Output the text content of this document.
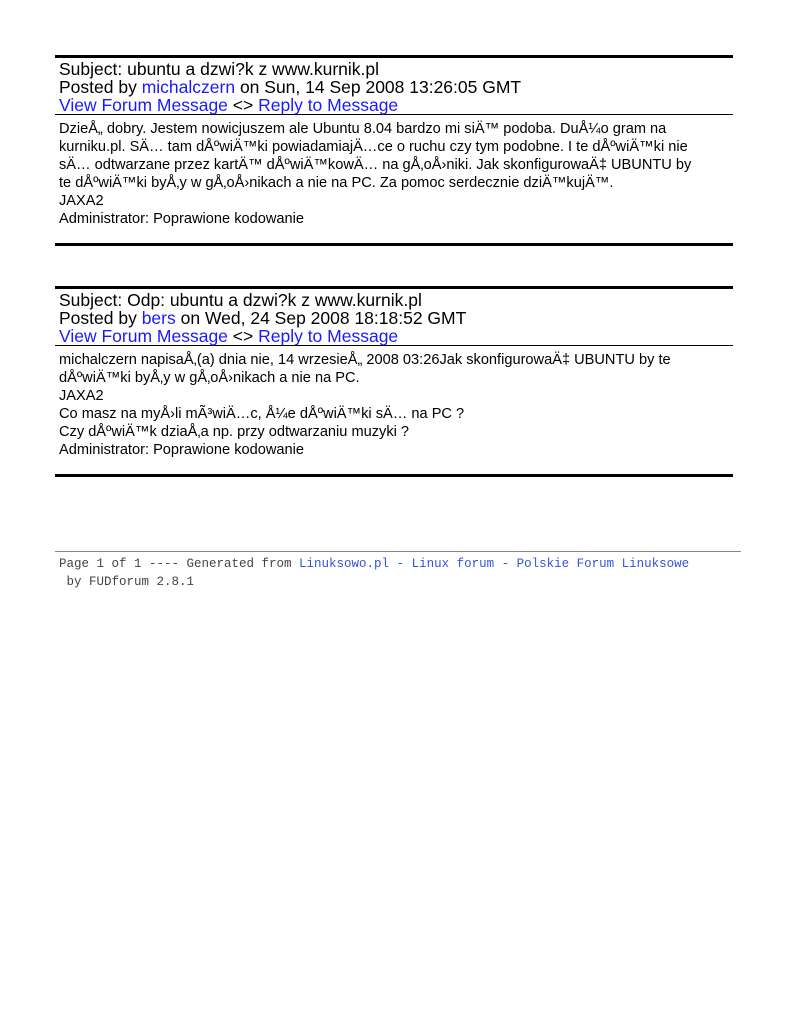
Subject: ubuntu a dzwi?k z www.kurnik.pl
Posted by michalczern on Sun, 14 Sep 2008 13:26:05 GMT
View Forum Message <> Reply to Message
DzieÅ„ dobry. Jestem nowicjuszem ale Ubuntu 8.04 bardzo mi siÄ™ podoba. DuÅ¼o gram na
kurniku.pl. SÄ… tam dÅºwiÄ™ki powiadamiajÄ…ce o ruchu czy tym podobne. I te dÅºwiÄ™ki nie
sÄ… odtwarzane przez kartÄ™ dÅºwiÄ™kowÄ… na gÅ‚oÅ›niki. Jak skonfigurowaÄ‡ UBUNTU by
te dÅºwiÄ™ki byÅ‚y w gÅ‚oÅ›nikach a nie na PC. Za pomoc serdecznie dziÄ™kujÄ™.
JAXA2
Administrator: Poprawione kodowanie
Subject: Odp: ubuntu a dzwi?k z www.kurnik.pl
Posted by bers on Wed, 24 Sep 2008 18:18:52 GMT
View Forum Message <> Reply to Message
michalczern napisaÅ‚(a) dnia nie, 14 wrzesieÅ„ 2008 03:26Jak skonfigurowaÄ‡ UBUNTU by te
dÅºwiÄ™ki byÅ‚y w gÅ‚oÅ›nikach a nie na PC.
JAXA2
Co masz na myÅ›li mÃ³wiÄ…c, Å¼e dÅºwiÄ™ki sÄ… na PC ?
Czy dÅºwiÄ™k dziaÅ‚a np. przy odtwarzaniu muzyki ?
Administrator: Poprawione kodowanie
Page 1 of 1 ---- Generated from Linuksowo.pl - Linux forum - Polskie Forum Linuksowe by FUDforum 2.8.1
